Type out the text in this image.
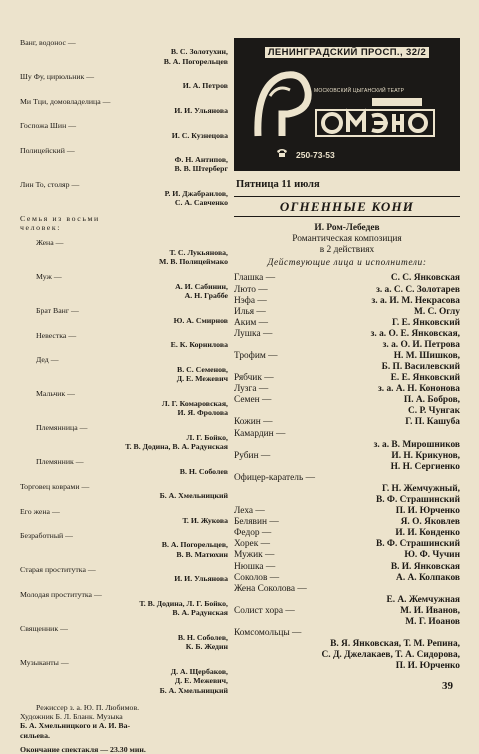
Ванг, водонос —
В. С. Золотухин,
В. А. Погорельцев
Шу Фу, цирюльник —
И. А. Петров
Ми Тци, домовладелица —
И. И. Ульянова
Госпожа Шин —
И. С. Кузнецова
Полицейский —
Ф. Н. Антипов,
В. В. Штерберг
Лин То, столяр —
Р. И. Джабраилов,
С. А. Савченко
Семья из восьми
человек:
Жена —
Т. С. Лукьянова,
М. В. Полицеймако
Муж —
А. И. Сабинин,
А. Н. Граббе
Брат Ванг —
Ю. А. Смирнов
Невестка —
Е. К. Корнилова
Дед —
В. С. Семенов,
Д. Е. Межевич
Мальчик —
Л. Г. Комаровская,
И. Я. Фролова
Племянница —
Л. Г. Бойко,
Т. В. Додина, В. А. Радунская
Племянник —
В. Н. Соболев
Торговец коврами —
Б. А. Хмельницкий
Его жена —
Т. И. Жукова
Безработный —
В. А. Погорельцев,
В. В. Матюхин
Старая проститутка —
И. И. Ульянова
Молодая проститутка —
Т. В. Додина, Л. Г. Бойко,
В. А. Радунская
Священник —
В. Н. Соболев,
К. Б. Жедин
Музыканты —
Д. А. Щербаков,
Д. Е. Межевич,
Б. А. Хмельницкий
Режиссер з. а. Ю. П. Любимов.
Художник Б. Л. Бланк. Музыка
Б. А. Хмельницкого и А. И. Ва-
сильева.
Окончание спектакля — 23.30 мин.
ЛЕНИНГРАДСКИЙ ПРОСП., 32/2
МОСКОВСКИЙ ЦЫГАНСКИЙ ТЕАТР
250-73-53
Пятница 11 июля
ОГНЕННЫЕ КОНИ
И. Ром-Лебедев
Романтическая композиция
в 2 действиях
Действующие лица и исполнители:
Глашка —	С. С. Янковская
Люто —	з. а. С. С. Золотарев
Нэфа —	з. а. И. М. Некрасова
Илья —	М. С. Оглу
Аким —	Г. Е. Янковский
Лушка —	з. а. О. Е. Янковская,
з. а. О. И. Петрова
Трофим —	Н. М. Шишков,
Б. П. Василевский
Рябчик —	Е. Е. Янковский
Лузга —	з. а. А. Н. Кононова
Семен —	П. А. Бобров,
С. Р. Чунгак
Кожин —	Г. П. Кашуба
Камардин —
з. а. В. Мирошников
Рубин —	И. Н. Крикунов,
Н. Н. Сергиенко
Офицер-каратель —
Г. Н. Жемчужный,
В. Ф. Страшинский
Леха —	П. И. Юрченко
Белявин —	Я. О. Яковлев
Федор —	И. И. Конденко
Хорек —	В. Ф. Страшинский
Мужик —	Ю. Ф. Чучин
Нюшка —	В. И. Янковская
Соколов —	А. А. Колпаков
Жена Соколова —
Е. А. Жемчужная
Солист хора —	М. И. Иванов,
М. Г. Иоанов
Комсомольцы —
В. Я. Янковская, Т. М. Репина,
С. Д. Джелакаев, Т. А. Сидорова,
П. И. Юрченко
39
